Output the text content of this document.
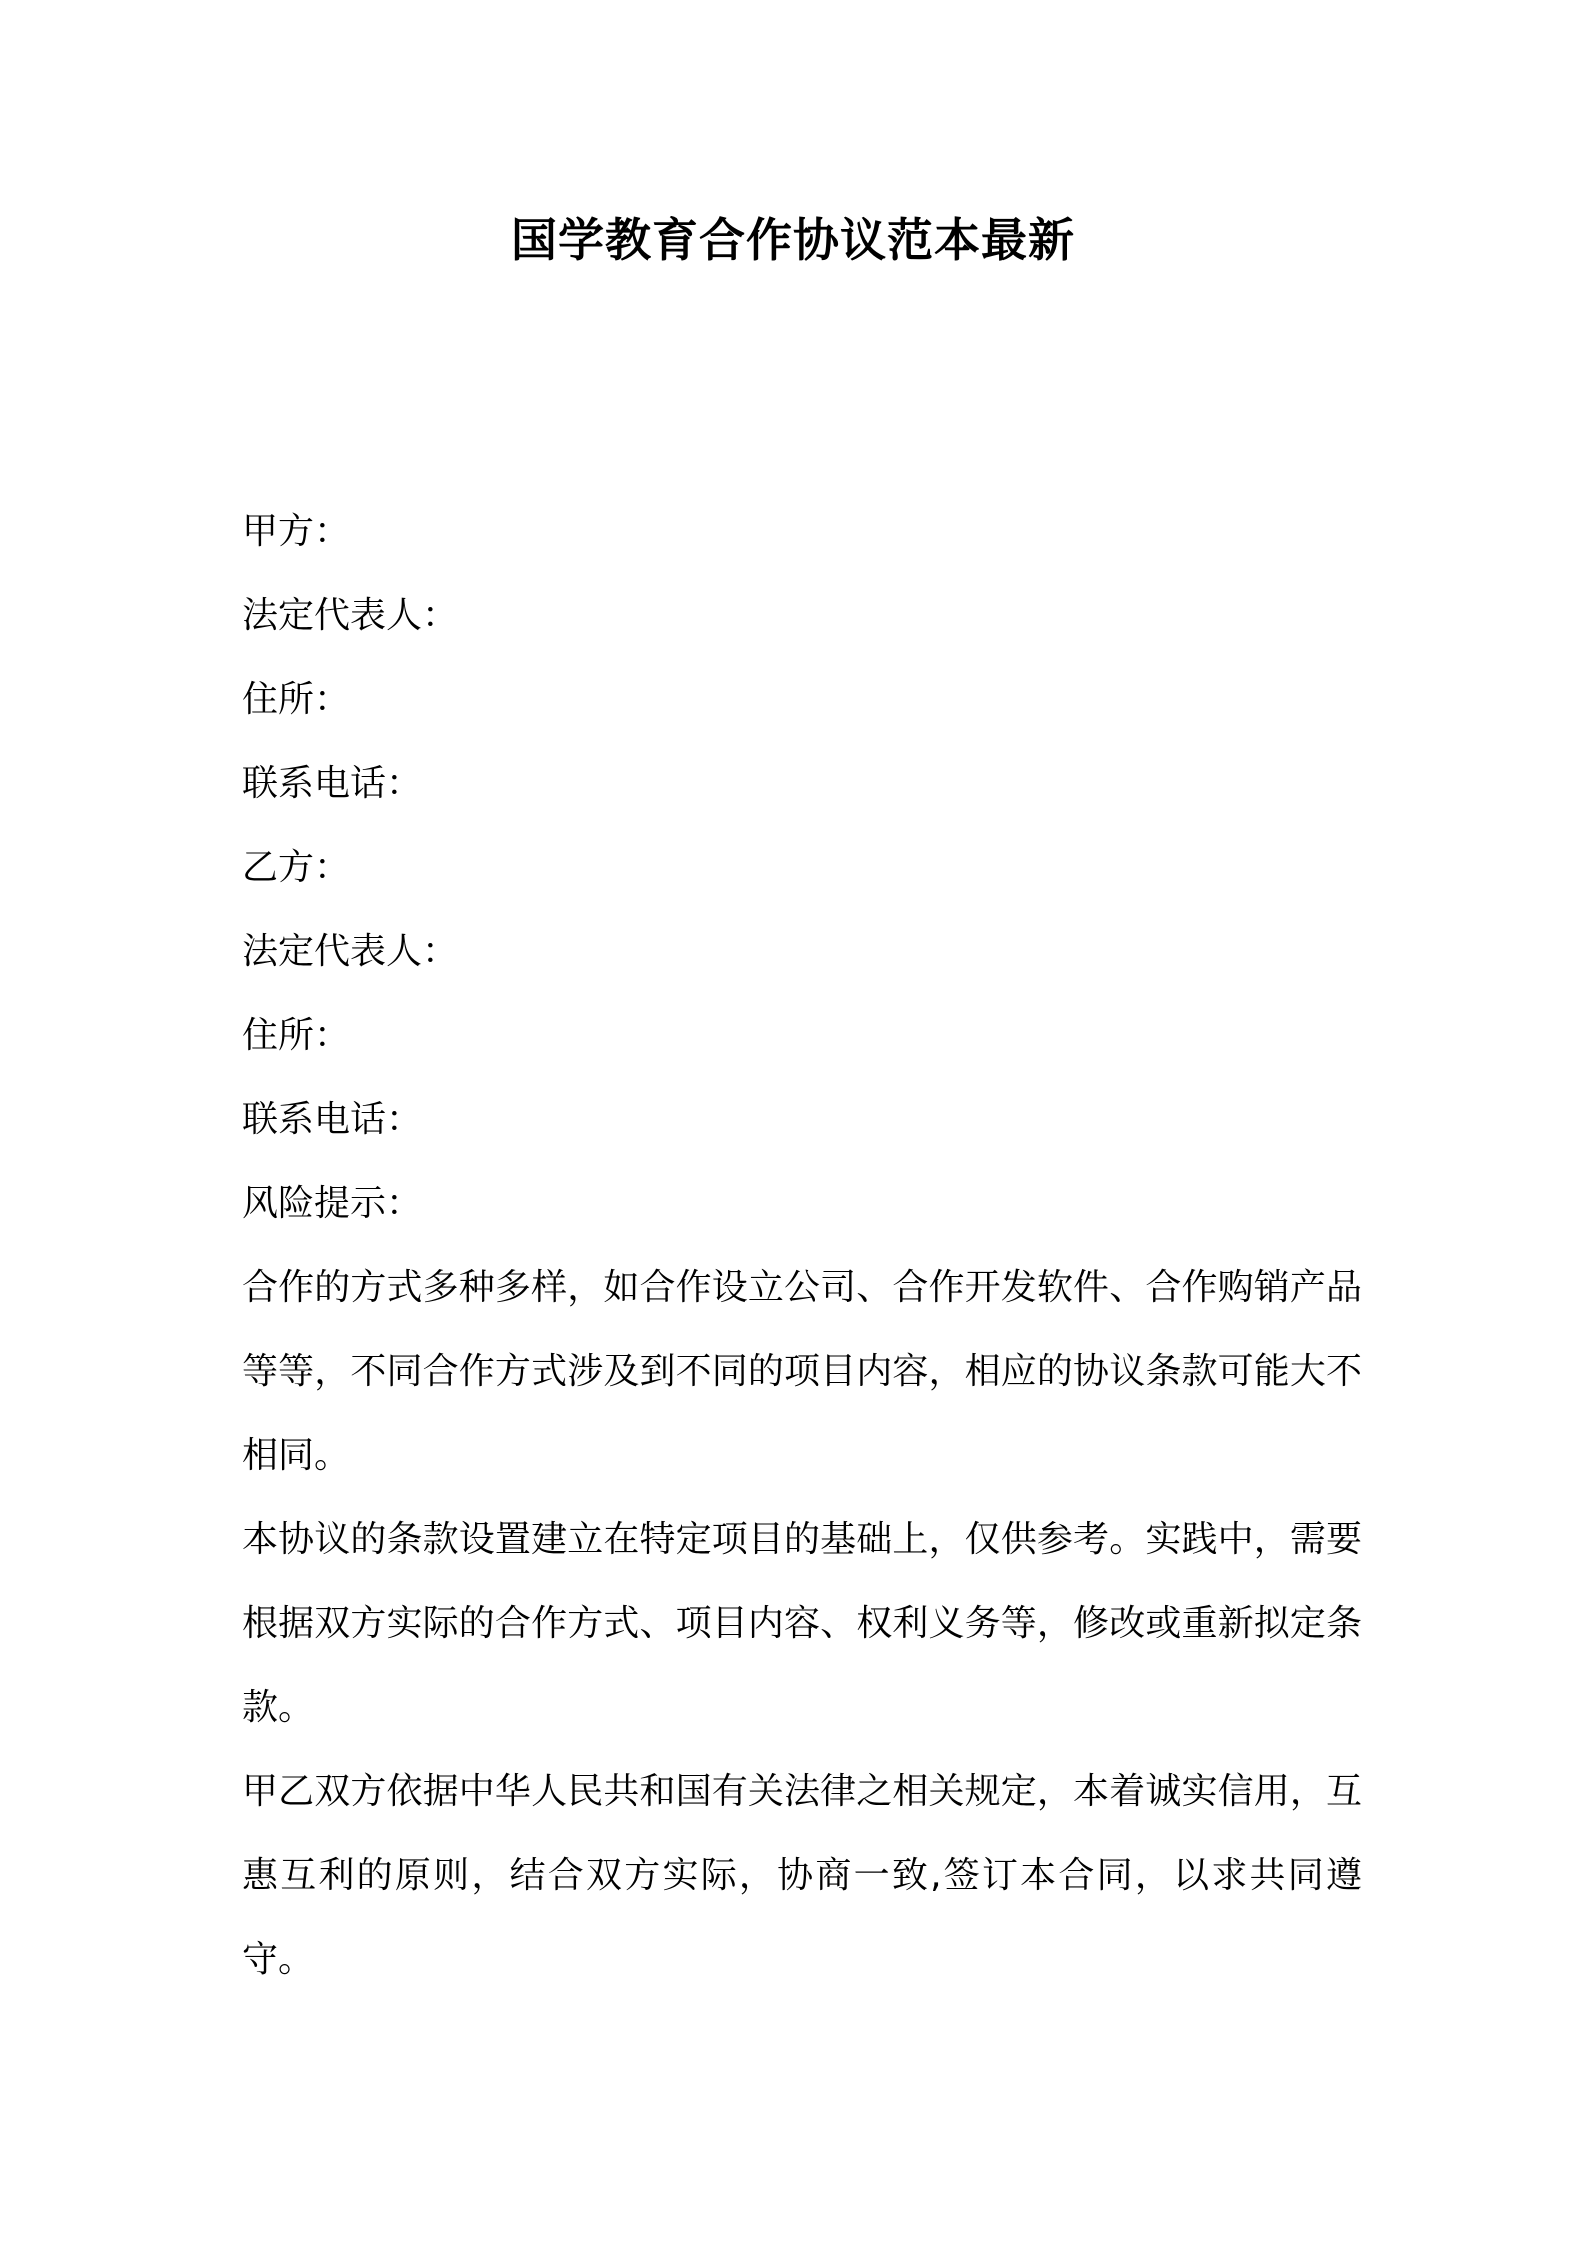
国学教育合作协议范本最新
甲方：
法定代表人：
住所：
联系电话：
乙方：
法定代表人：
住所：
联系电话：
风险提示：

合作的方式多种多样，如合作设立公司、合作开发软件、合作购销产品等等，不同合作方式涉及到不同的项目内容，相应的协议条款可能大不相同。

本协议的条款设置建立在特定项目的基础上，仅供参考。实践中，需要根据双方实际的合作方式、项目内容、权利义务等，修改或重新拟定条款。

甲乙双方依据中华人民共和国有关法律之相关规定，本着诚实信用，互惠互利的原则，结合双方实际，协商一致,签订本合同，以求共同遵守。
